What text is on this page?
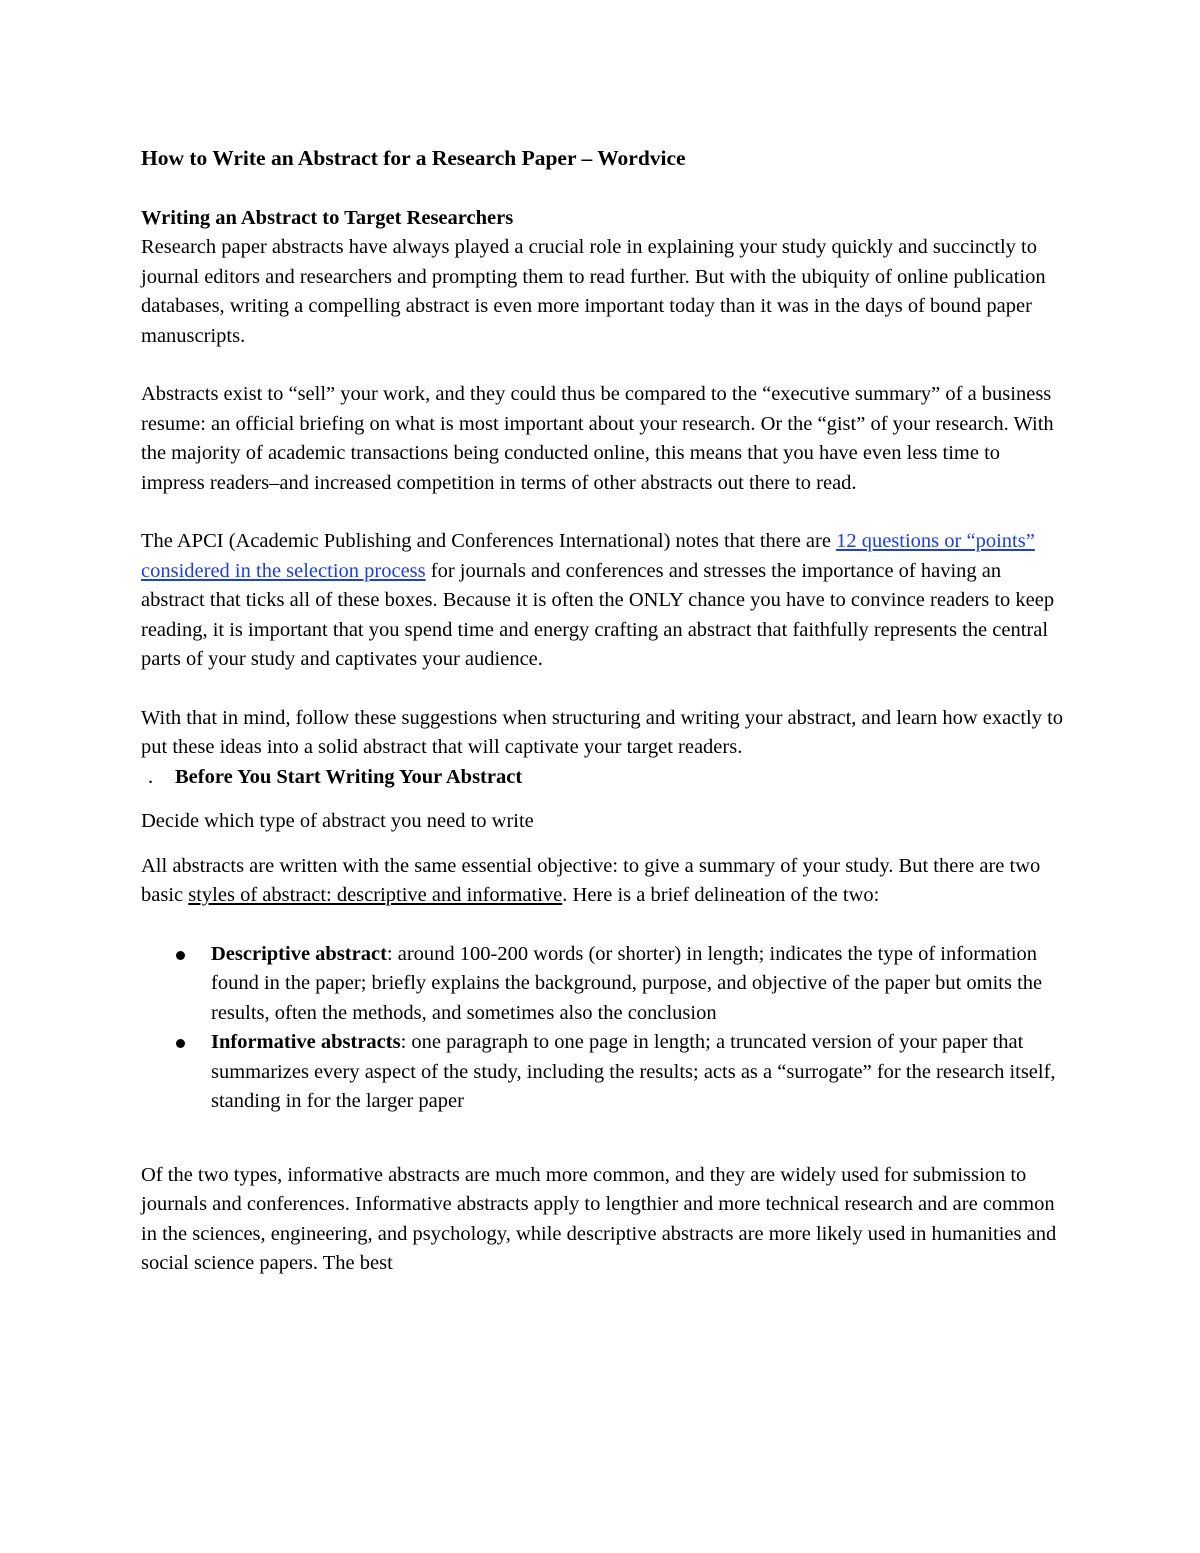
How to Write an Abstract for a Research Paper – Wordvice
Writing an Abstract to Target Researchers

Research paper abstracts have always played a crucial role in explaining your study quickly and succinctly to journal editors and researchers and prompting them to read further. But with the ubiquity of online publication databases, writing a compelling abstract is even more important today than it was in the days of bound paper manuscripts.

Abstracts exist to “sell” your work, and they could thus be compared to the “executive summary” of a business resume: an official briefing on what is most important about your research. Or the “gist” of your research. With the majority of academic transactions being conducted online, this means that you have even less time to impress readers–and increased competition in terms of other abstracts out there to read.

The APCI (Academic Publishing and Conferences International) notes that there are 12 questions or “points” considered in the selection process for journals and conferences and stresses the importance of having an abstract that ticks all of these boxes. Because it is often the ONLY chance you have to convince readers to keep reading, it is important that you spend time and energy crafting an abstract that faithfully represents the central parts of your study and captivates your audience.

With that in mind, follow these suggestions when structuring and writing your abstract, and learn how exactly to put these ideas into a solid abstract that will captivate your target readers.

. Before You Start Writing Your Abstract

Decide which type of abstract you need to write

All abstracts are written with the same essential objective: to give a summary of your study. But there are two basic styles of abstract: descriptive and informative. Here is a brief delineation of the two:

Descriptive abstract: around 100-200 words (or shorter) in length; indicates the type of information found in the paper; briefly explains the background, purpose, and objective of the paper but omits the results, often the methods, and sometimes also the conclusion
Informative abstracts: one paragraph to one page in length; a truncated version of your paper that summarizes every aspect of the study, including the results; acts as a “surrogate” for the research itself, standing in for the larger paper

Of the two types, informative abstracts are much more common, and they are widely used for submission to journals and conferences. Informative abstracts apply to lengthier and more technical research and are common in the sciences, engineering, and psychology, while descriptive abstracts are more likely used in humanities and social science papers. The best
